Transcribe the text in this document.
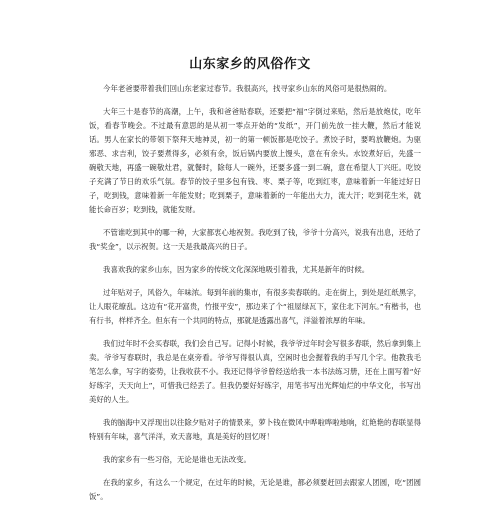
山东家乡的风俗作文

今年老爸要带着我们回山东老家过春节。我很高兴，找寻家乡山东的风俗可是很热闹的。

大年三十是春节的高潮，上午，我和爸爸贴春联，还要把“福”字倒过来贴，然后是放炮仗，吃年饭，看春节晚会。不过最有意思的是从初一零点开始的“发纸”，开门前先放一挂大鞭，然后才能说话。男人在家长的带领下祭拜天地神灵，初一的第一顿饭都是吃饺子。煮饺子时，要鸣放鞭炮。为驱邪恶、求吉利，饺子要煮得多，必须有余，饭后锅内要放上馒头，意在有余头。水饺煮好后，先盛一碗敬天地，再盛一碗敬灶君，就餐时，除每人一碗外，还要多盛一到二碗，意在希望人丁兴旺。吃饺子充满了节日的欢乐气氛。春节的饺子里多包有钱、枣、栗子等，吃到红枣，意味着新一年能过好日子，吃到钱，意味着新一年能发财；吃到栗子，意味着新的一年能出大力，流大汗；吃到花生米，就能长命百岁；吃到钱，就能发财。

不管谁吃到其中的哪一种，大家都衷心地祝贺。我吃到了钱，爷爷十分高兴，说我有出息，还给了我“奖金”，以示祝贺。这一天是我最高兴的日子。

我喜欢我的家乡山东，因为家乡的传统文化深深地吸引着我，尤其是新年的时候。

过年贴对子，风俗久，年味浓。每到年前的集市，有很多卖春联的。走在街上，到处是红纸黑字，让人眼花缭乱。这边有“花开富贵，竹报平安”，那边来了个“祖屋绿瓦下，家住北下河东。”有楷书，也有行书，样样齐全。但东有一个共同的特点，那就是透露出喜气，洋溢着浓厚的年味。

我们过年时不会买春联，我们会自己写。记得小时候，我爷爷过年时会写很多春联，然后拿到集上卖。爷爷写春联时，我总是在桌旁看。爷爷写得很认真，空闲时也会握着我的手写几个字。他教我毛笔怎么拿，写字的姿势，让我收获不小。我还记得爷爷曾经送给我一本书法练习册，还在上面写着“好好练字，天天向上”，可惜我已经丢了。但我仍要好好练字，用笔书写出光辉灿烂的中华文化，书写出美好的人生。

我的脑海中又浮现出以往除夕贴对子的情景来，萝卜钱在微风中哗啦哗啦地响，红艳艳的春联显得特别有年味，喜气洋洋，欢天喜地，真是美好的回忆呀！

我的家乡有一些习俗，无论是谁也无法改变。

在我的家乡，有这么一个规定，在过年的时候，无论是谁，都必须要赶回去跟家人团圆，吃“团圆饭”。
